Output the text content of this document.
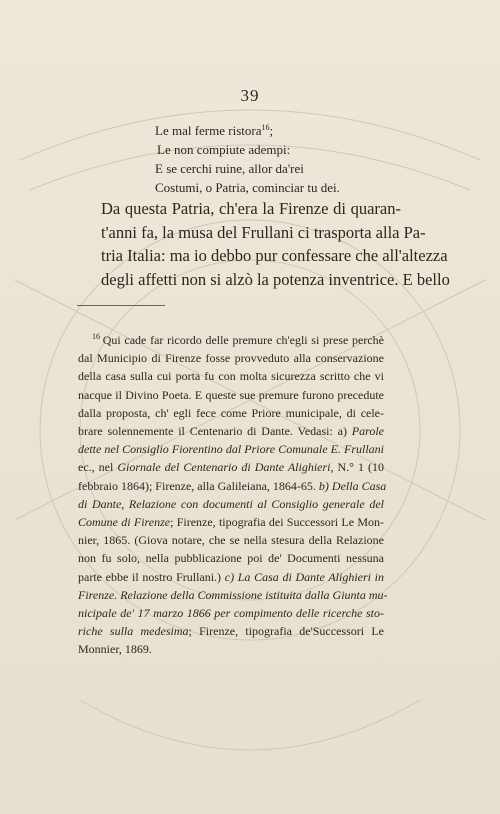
39
Le mal ferme ristora$^{16}$;
Le non compiute adempi:
E se cerchi ruine, allor da'rei
Costumi, o Patria, cominciar tu dei.
Da questa Patria, ch'era la Firenze di quaran-
t'anni fa, la musa del Frullani ci trasporta alla Pa-
tria Italia: ma io debbo pur confessare che all'altezza
degli affetti non si alzò la potenza inventrice. E bello
$^{16}$ Qui cade far ricordo delle premure ch'egli si prese perchè
dal Municipio di Firenze fosse provveduto alla conservazione
della casa sulla cui porta fu con molta sicurezza scritto che vi
nacque il Divino Poeta. E queste sue premure furono precedute
dalla proposta, ch' egli fece come Priore municipale, di cele-
brare solennemente il Centenario di Dante. Vedasi: a) Parole
dette nel Consiglio Fiorentino dal Priore Comunale E. Frullani
ec., nel Giornale del Centenario di Dante Alighieri, N.° 1 (10
febbraio 1864); Firenze, alla Galileiana, 1864-65. b) Della Casa
di Dante, Relazione con documenti al Consiglio generale del
Comune di Firenze; Firenze, tipografia dei Successori Le Mon-
nier, 1865. (Giova notare, che se nella stesura della Relazione
non fu solo, nella pubblicazione poi de' Documenti nessuna
parte ebbe il nostro Frullani.) c) La Casa di Dante Alighieri in
Firenze. Relazione della Commissione istituita dalla Giunta mu-
nicipale de' 17 marzo 1866 per compimento delle ricerche sto-
riche sulla medesima; Firenze, tipografia de'Successori Le
Monnier, 1869.
